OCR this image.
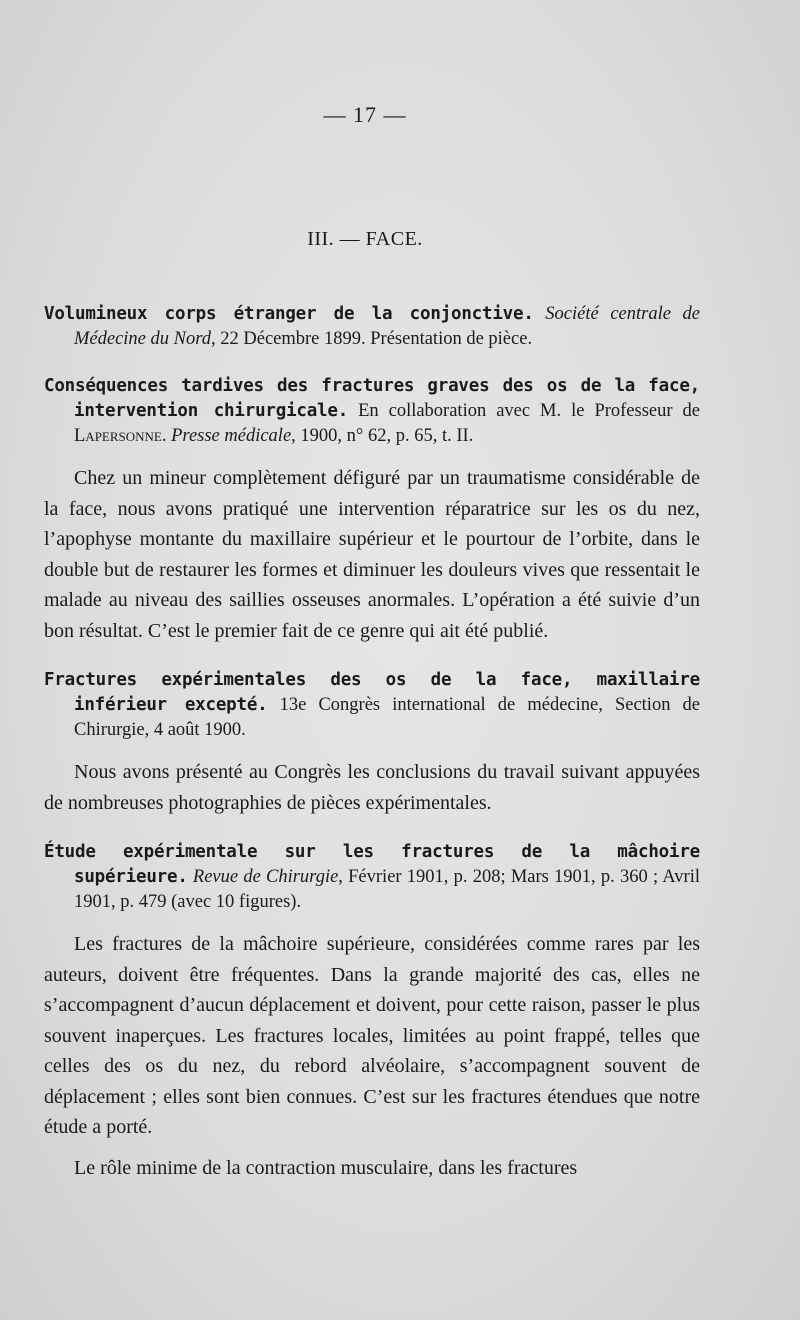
— 17 —
III. — FACE.

Volumineux corps étranger de la conjonctive. Société centrale de Médecine du Nord, 22 Décembre 1899. Présentation de pièce.

Conséquences tardives des fractures graves des os de la face, intervention chirurgicale. En collaboration avec M. le Professeur de Lapersonne. Presse médicale, 1900, n° 62, p. 65, t. II.

Chez un mineur complètement défiguré par un traumatisme considérable de la face, nous avons pratiqué une intervention réparatrice sur les os du nez, l’apophyse montante du maxillaire supérieur et le pourtour de l’orbite, dans le double but de restaurer les formes et diminuer les douleurs vives que ressentait le malade au niveau des saillies osseuses anormales. L’opération a été suivie d’un bon résultat. C’est le premier fait de ce genre qui ait été publié.

Fractures expérimentales des os de la face, maxillaire inférieur excepté. 13e Congrès international de médecine, Section de Chirurgie, 4 août 1900.

Nous avons présenté au Congrès les conclusions du travail suivant appuyées de nombreuses photographies de pièces expérimentales.

Étude expérimentale sur les fractures de la mâchoire supérieure. Revue de Chirurgie, Février 1901, p. 208; Mars 1901, p. 360 ; Avril 1901, p. 479 (avec 10 figures).

Les fractures de la mâchoire supérieure, considérées comme rares par les auteurs, doivent être fréquentes. Dans la grande majorité des cas, elles ne s’accompagnent d’aucun déplacement et doivent, pour cette raison, passer le plus souvent inaperçues. Les fractures locales, limitées au point frappé, telles que celles des os du nez, du rebord alvéolaire, s’accompagnent souvent de déplacement ; elles sont bien connues. C’est sur les fractures étendues que notre étude a porté.

Le rôle minime de la contraction musculaire, dans les fractures
